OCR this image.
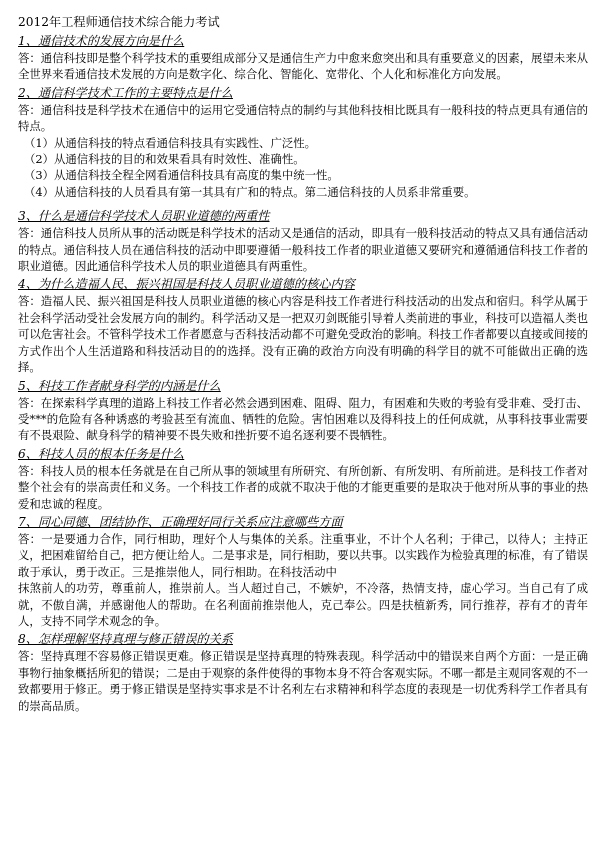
2012年工程师通信技术综合能力考试
1、通信技术的发展方向是什么

答：通信科技即是整个科学技术的重要组成部分又是通信生产力中愈来愈突出和具有重要意义的因素，展望未来从全世界来看通信技术发展的方向是数字化、综合化、智能化、宽带化、个人化和标准化方向发展。

2、通信科学技术工作的主要特点是什么

答：通信科技是科学技术在通信中的运用它受通信特点的制约与其他科技相比既具有一般科技的特点更具有通信的特点。

（1）从通信科技的特点看通信科技具有实践性、广泛性。

（2）从通信科技的目的和效果看具有时效性、准确性。

（3）从通信科技全程全网看通信科技具有高度的集中统一性。

（4）从通信科技的人员看具有第一其具有广和的特点。第二通信科技的人员系非常重要。

3、什么是通信科学技术人员职业道德的两重性

答：通信科技人员所从事的活动既是科学技术的活动又是通信的活动，即具有一般科技活动的特点又具有通信活动的特点。通信科技人员在通信科技的活动中即要遵循一般科技工作者的职业道德又要研究和遵循通信科技工作者的职业道德。因此通信科学技术人员的职业道德具有两重性。

4、为什么造福人民、振兴祖国是科技人员职业道德的核心内容

答：造福人民、振兴祖国是科技人员职业道德的核心内容是科技工作者进行科技活动的出发点和宿归。科学从属于社会科学活动受社会发展方向的制约。科学活动又是一把双刃剑既能引导着人类前进的事业，科技可以造福人类也可以危害社会。不管科学技术工作者愿意与否科技活动都不可避免受政治的影响。科技工作者都要以直接或间接的方式作出个人生活道路和科技活动目的的选择。没有正确的政治方向没有明确的科学目的就不可能做出正确的选择。

5、科技工作者献身科学的内涵是什么

答：在探索科学真理的道路上科技工作者必然会遇到困难、阻碍、阻力，有困难和失败的考验有受非难、受打击、受***的危险有各种诱惑的考验甚至有流血、牺牲的危险。害怕困难以及得科技上的任何成就，从事科技事业需要有不畏艰险、献身科学的精神要不畏失败和挫折要不追名逐利要不畏牺牲。

6、科技人员的根本任务是什么

答：科技人员的根本任务就是在自己所从事的领域里有所研究、有所创新、有所发明、有所前进。是科技工作者对整个社会有的崇高责任和义务。一个科技工作者的成就不取决于他的才能更重要的是取决于他对所从事的事业的热爱和忠诚的程度。

7、同心同德、团结协作、正确理好同行关系应注意哪些方面

答：一是要通力合作，同行相助，理好个人与集体的关系。注重事业，不计个人名利；于律己，以待人；主持正义，把困难留给自己，把方便让给人。二是事求是，同行相助，要以共事。以实践作为检验真理的标准，有了错误敢于承认，勇于改正。三是推崇他人，同行相助。在科技活动中

抹煞前人的功劳，尊重前人，推崇前人。当人超过自己，不嫉妒，不冷落，热情支持，虚心学习。当自己有了成就，不傲自满，并感谢他人的帮助。在名利面前推崇他人，克己奉公。四是扶植新秀，同行推荐，荐有才的青年人，支持不同学术观念的争。

8、怎样理解坚持真理与修正错误的关系

答：坚持真理不容易修正错误更难。修正错误是坚持真理的特殊表现。科学活动中的错误来自两个方面：一是正确事物行抽象概括所犯的错误；二是由于观察的条件使得的事物本身不符合客观实际。不哪一都是主观同客观的不一致都要用于修正。勇于修正错误是坚持实事求是不计名利左右求精神和科学态度的表现是一切优秀科学工作者具有的崇高品质。
